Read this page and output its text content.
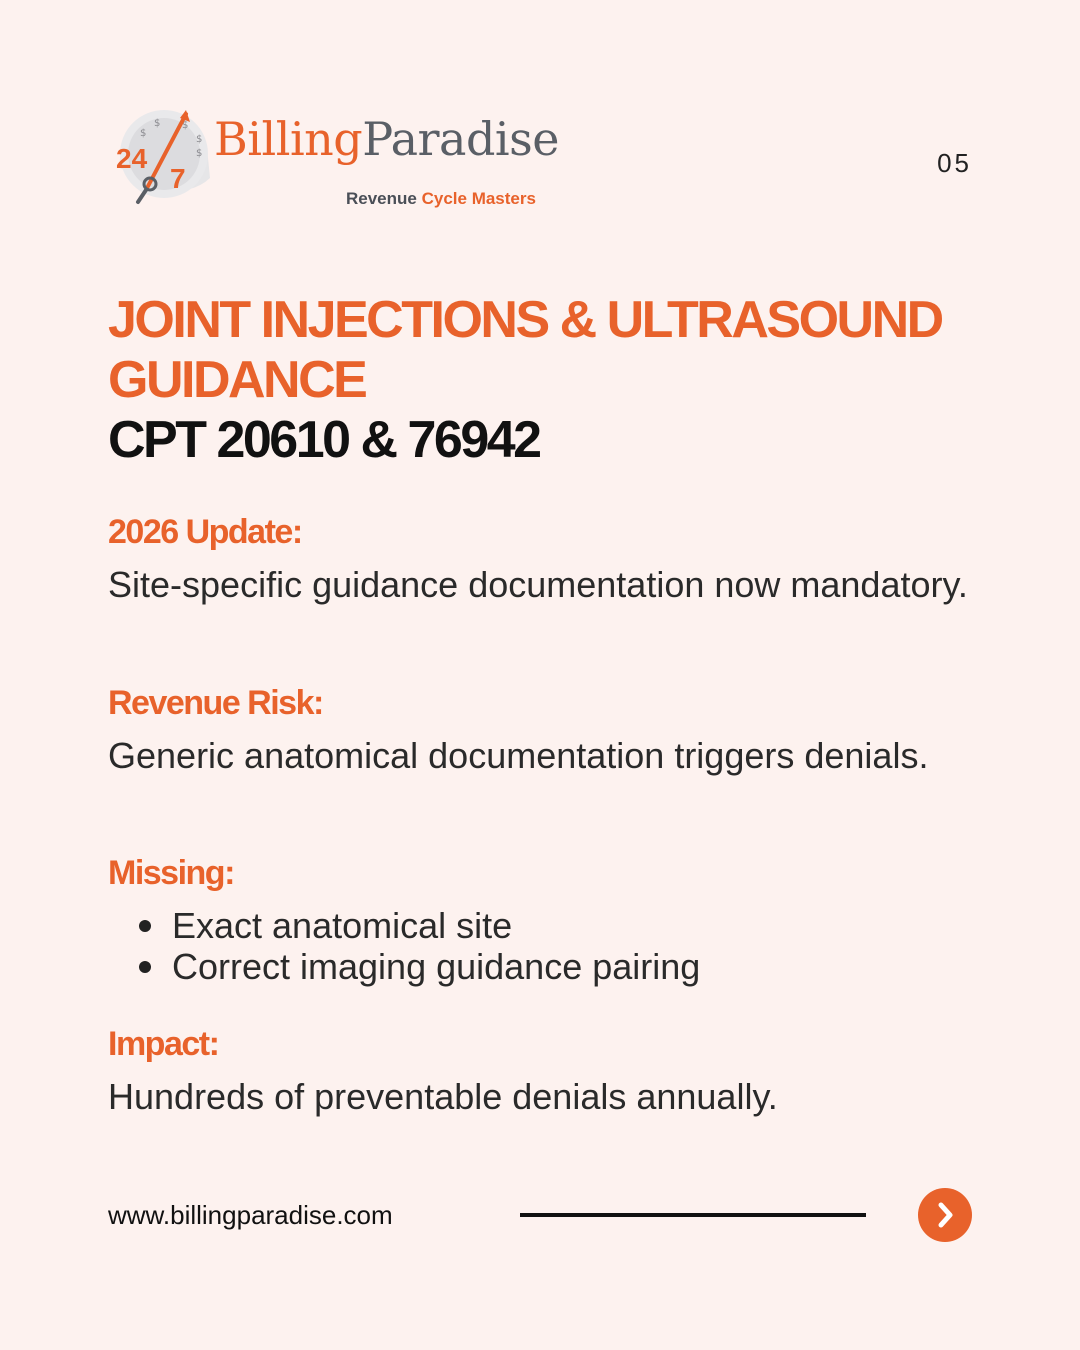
$
$ $
$
$
24
7
BillingParadise
Revenue Cycle Masters
05
JOINT INJECTIONS & ULTRASOUND GUIDANCE
CPT 20610 & 76942

2026 Update:

Site-specific guidance documentation now mandatory.

Revenue Risk:

Generic anatomical documentation triggers denials.

Missing:

Exact anatomical site
Correct imaging guidance pairing

Impact:

Hundreds of preventable denials annually.

www.billingparadise.com
